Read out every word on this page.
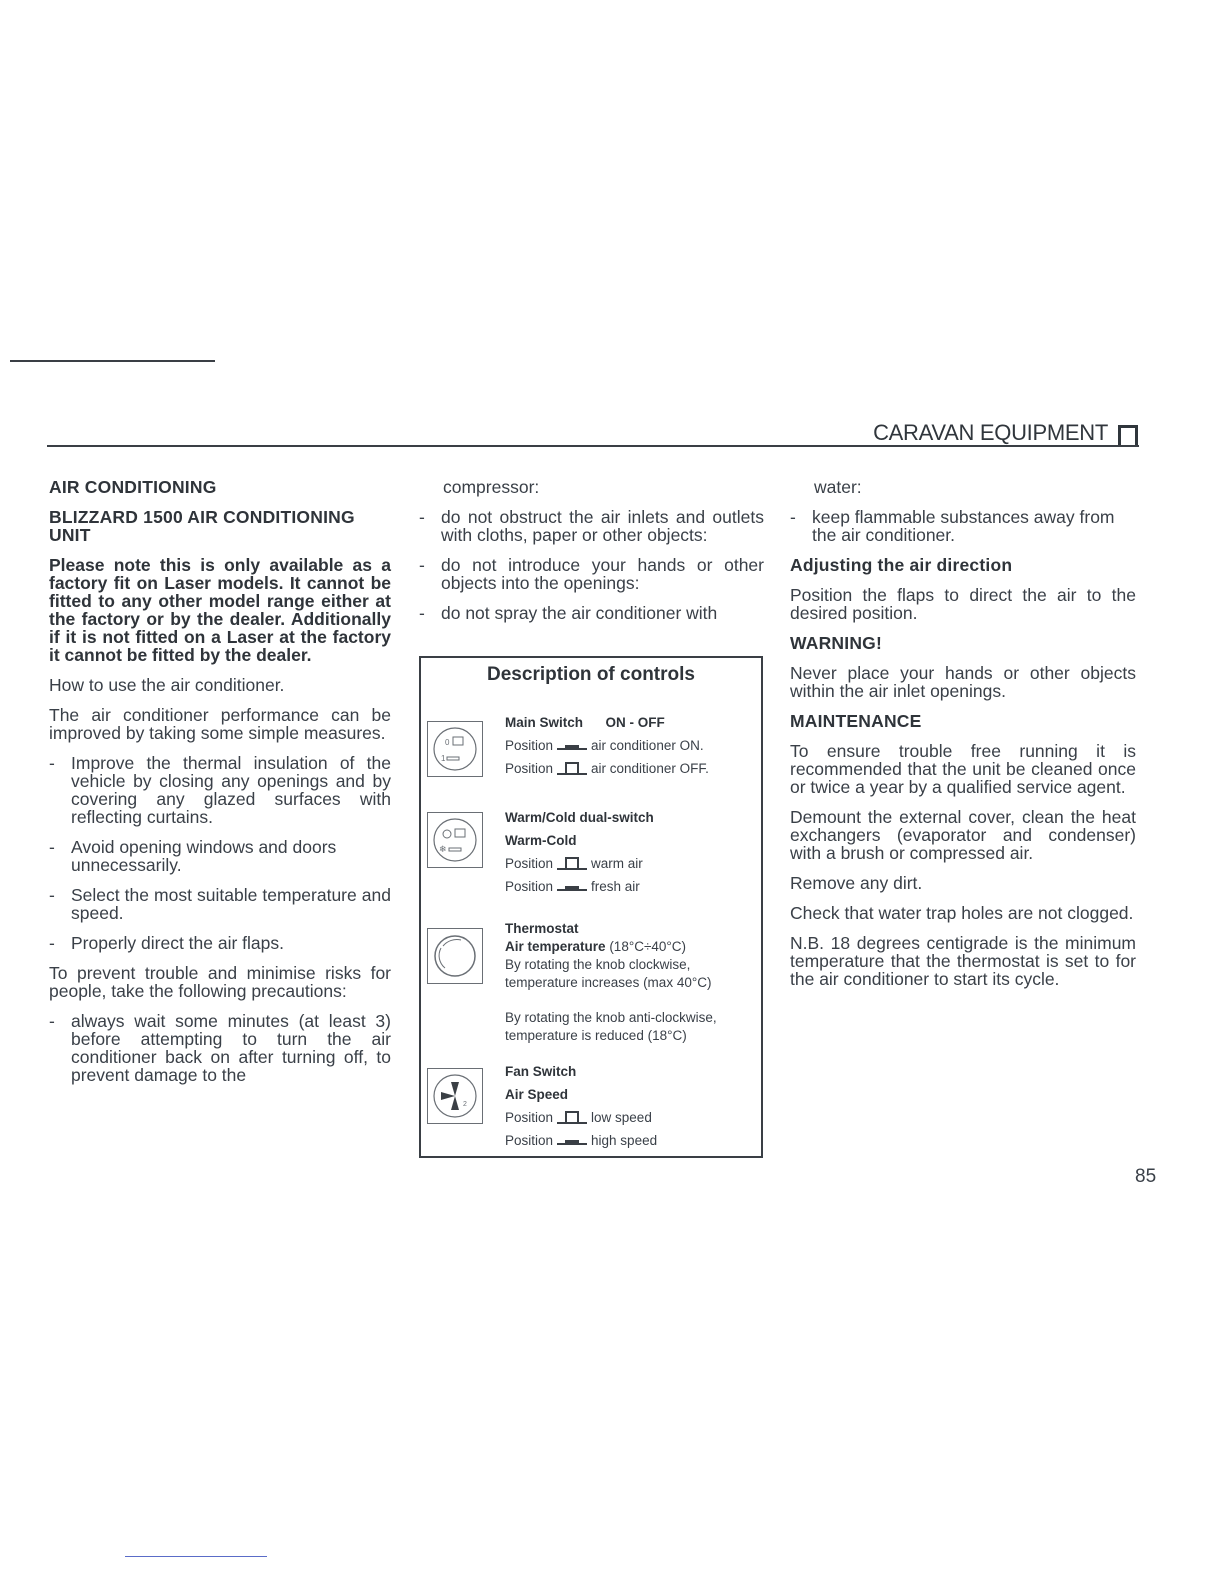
CARAVAN EQUIPMENT

AIR CONDITIONING

BLIZZARD 1500 AIR CONDITIONING UNIT

Please note this is only available as a factory fit on Laser models. It cannot be fitted to any other model range either at the factory or by the dealer. Additionally if it is not fitted on a Laser at the factory it cannot be fitted by the dealer.

How to use the air conditioner.

The air conditioner performance can be improved by taking some simple measures.

- Improve the thermal insulation of the vehicle by closing any openings and by covering any glazed surfaces with reflecting curtains.
- Avoid opening windows and doors unnecessarily.
- Select the most suitable temperature and speed.
- Properly direct the air flaps.

To prevent trouble and minimise risks for people, take the following precautions:

- always wait some minutes (at least 3) before attempting to turn the air conditioner back on after turning off, to prevent damage to the

compressor:

- do not obstruct the air inlets and outlets with cloths, paper or other objects:
- do not introduce your hands or other objects into the openings:
- do not spray the air conditioner with
Description of controls
0
1
Main Switch ON - OFF
Position	air conditioner ON.
Position	air conditioner OFF.
❄
Warm/Cold dual-switch
Warm-Cold
Position	warm air
Position	fresh air
Thermostat
Air temperature (18°C÷40°C)
By rotating the knob clockwise,
temperature increases (max 40°C)
By rotating the knob anti-clockwise,
temperature is reduced (18°C)
2
Fan Switch
Air Speed
Position	low speed
Position	high speed

water:

- keep flammable substances away from the air conditioner.

Adjusting the air direction

Position the flaps to direct the air to the desired position.

WARNING!

Never place your hands or other objects within the air inlet openings.

MAINTENANCE

To ensure trouble free running it is recommended that the unit be cleaned once or twice a year by a qualified service agent.

Demount the external cover, clean the heat exchangers (evaporator and condenser) with a brush or compressed air.

Remove any dirt.

Check that water trap holes are not clogged.

N.B. 18 degrees centigrade is the minimum temperature that the thermostat is set to for the air conditioner to start its cycle.

85
